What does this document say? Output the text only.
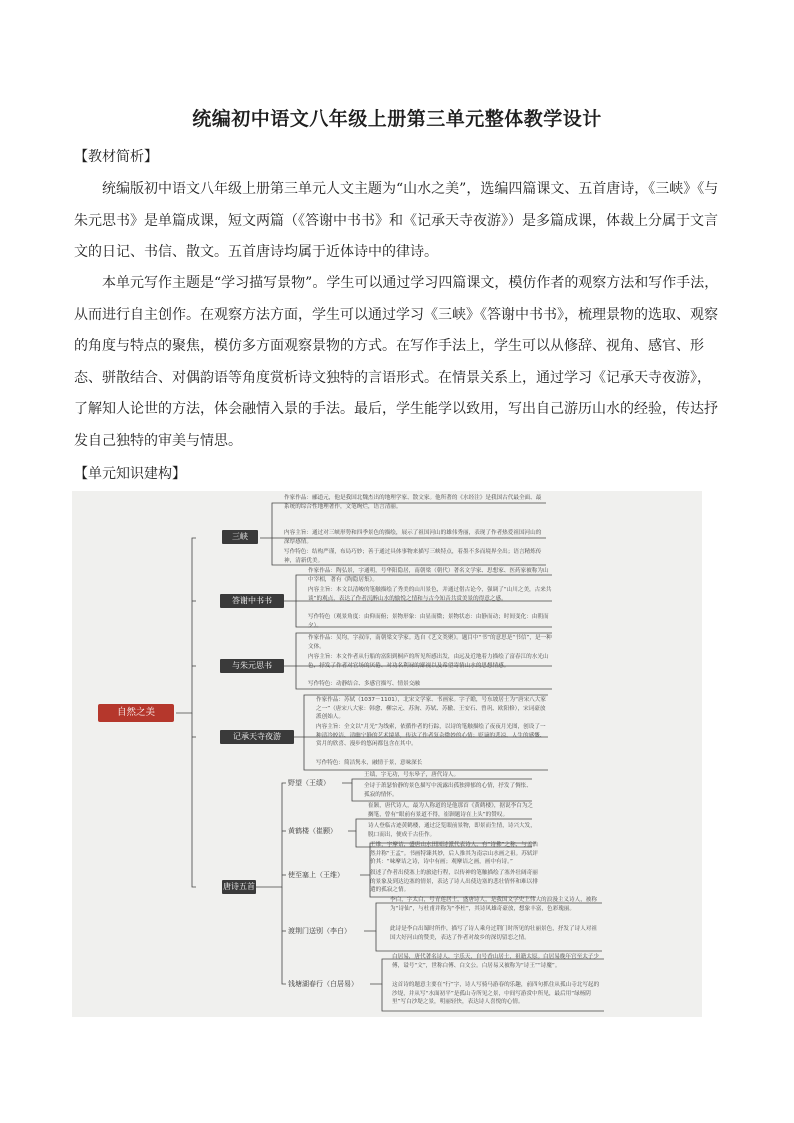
统编初中语文八年级上册第三单元整体教学设计
【教材简析】
统编版初中语文八年级上册第三单元人文主题为“山水之美”，选编四篇课文、五首唐诗，《三峡》《与朱元思书》是单篇成课，短文两篇（《答谢中书书》和《记承天寺夜游》）是多篇成课，体裁上分属于文言文的日记、书信、散文。五首唐诗均属于近体诗中的律诗。
本单元写作主题是“学习描写景物”。学生可以通过学习四篇课文，模仿作者的观察方法和写作手法，从而进行自主创作。在观察方法方面，学生可以通过学习《三峡》《答谢中书书》，梳理景物的选取、观察的角度与特点的聚焦，模仿多方面观察景物的方式。在写作手法上，学生可以从修辞、视角、感官、形态、骈散结合、对偶韵语等角度赏析诗文独特的言语形式。在情景关系上，通过学习《记承天寺夜游》，了解知人论世的方法，体会融情入景的手法。最后，学生能学以致用，写出自己游历山水的经验，传达抒发自己独特的审美与情思。
【单元知识建构】
自然之美
三峡
作家作品：郦道元，他是我国北魏杰出的地理学家、散文家。他所著的《水经注》是我国古代最全面、最系统的综合性地理著作，文笔绚烂，语言清丽。
内容主旨：通过对三峡形势和四季景色的描绘，展示了祖国河山的雄伟秀丽，表现了作者热爱祖国河山的深厚感情。
写作特色：结构严谨，布局巧妙；善于通过具体事物来描写三峡特点，着墨不多而境界全出；语言精炼传神，清新优美。
答谢中书书
作家作品：陶弘景，字通明，号华阳隐居，南朝梁（朝代）著名文学家、思想家、医药家被称为山中宰相，著有《陶隐居集》。
内容主旨：本文以清峻的笔触描绘了秀美的山川景色，并通过借古论今，强调了“山川之美，古来共谈”的观点，表达了作者沉醉山水的愉悦之情和与古今知音共赏美景的得意之感。
写作特色（观景角度：由仰而俯；景物形象：由显而微；景物状态：由静而动；时间变化：由朝而夕）。
与朱元思书
作家作品：吴均，字叔庠，南朝梁文学家。选自《艺文类聚》。题目中“书”的意思是“书信”，是一种文体。
内容主旨：本文作者从行船的富阳到桐庐的所见所感出发，由远及近地着力描绘了富春江的水光山色，抒发了作者对官场的厌倦、对功名利禄的鄙视以及希望寄情山水的思想情感。
写作特色：动静结合、多感官描写、情景交融
记承天寺夜游
作家作品：苏轼（1037－1101），北宋文学家、书画家。字子瞻，号东坡居士为“唐宋八大家之一”（唐宋八大家：韩愈、柳宗元、苏洵、苏轼、苏辙、王安石、曾巩、欧阳修），宋词豪放派创始人。
内容主旨：全文以“月光”为线索，依循作者的行踪，以诗的笔触描绘了夜夜月光图，创设了一种清冷皎洁、清幽宁静的艺术境界，传达了作者复杂微妙的心情：贬谪的悲凉、人生的感慨、赏月的欣喜、漫步的悠闲都包含在其中。
写作特色：简洁隽永，融情于景，意味深长
唐诗五首
野望（王绩）
王绩，字无功，号东皋子，唐代诗人。
全诗于萧瑟怡静的景色描写中流露出孤独抑郁的心情，抒发了惆怅、孤寂的情怀。
黄鹤楼（崔颢）
崔颢，唐代诗人，最为人称道的是他那首《黄鹤楼》，据说李白为之搁笔，曾有“眼前有景道不得，崔颢题诗在上头”的赞叹。
诗人登临古迹黄鹤楼，通过泛览眼前景物，即景而生情，诗兴大发，脱口而出，便成千古佳作。
使至塞上（王维）
王维，字摩诘，盛唐山水田园诗派代表诗人，有“诗佛”之称，与孟浩然并称“王孟”。书画特臻其妙，后人推其为南宗山水画之祖。苏轼评价其：“味摩诘之诗，诗中有画；观摩诘之画，画中有诗。”
叙述了作者出使塞上的旅途行程，以传神的笔触描绘了塞外壮阔奇丽的景象及到达边塞的情景，表达了诗人出使边塞的悲壮情怀和难以排遣的孤寂之情。
渡荆门送别（李白）
李白，字太白，号青莲居士，盛唐诗人，是我国文学史上伟大的浪漫主义诗人，被称为“诗仙”，与杜甫并称为“李杜”，其诗风雄奇豪放，想象丰富，色彩瑰丽。
此诗是李白出蜀时所作，描写了诗人乘舟过荆门时所见的壮丽景色，抒发了诗人对祖国大好河山的赞美，表达了作者对故乡的深切留恋之情。
钱塘湖春行（白居易）
白居易，唐代著名诗人，字乐天，自号香山居士，祖籍太原。白居易晚年官至太子少傅，谥号“文”，世称白傅、白文公。白居易又被称为“诗王”“诗魔”。
这首诗的题意主要在“行”字，诗人写骑马游春的乐趣，前四句抓住从孤山寺北写起的沙堤，并从写“水面初平”是孤山寺所见之景，中间写游赏中所见，最后用“绿杨阴里”写白沙堤之景，明丽轻快，表达诗人喜悦的心情。
